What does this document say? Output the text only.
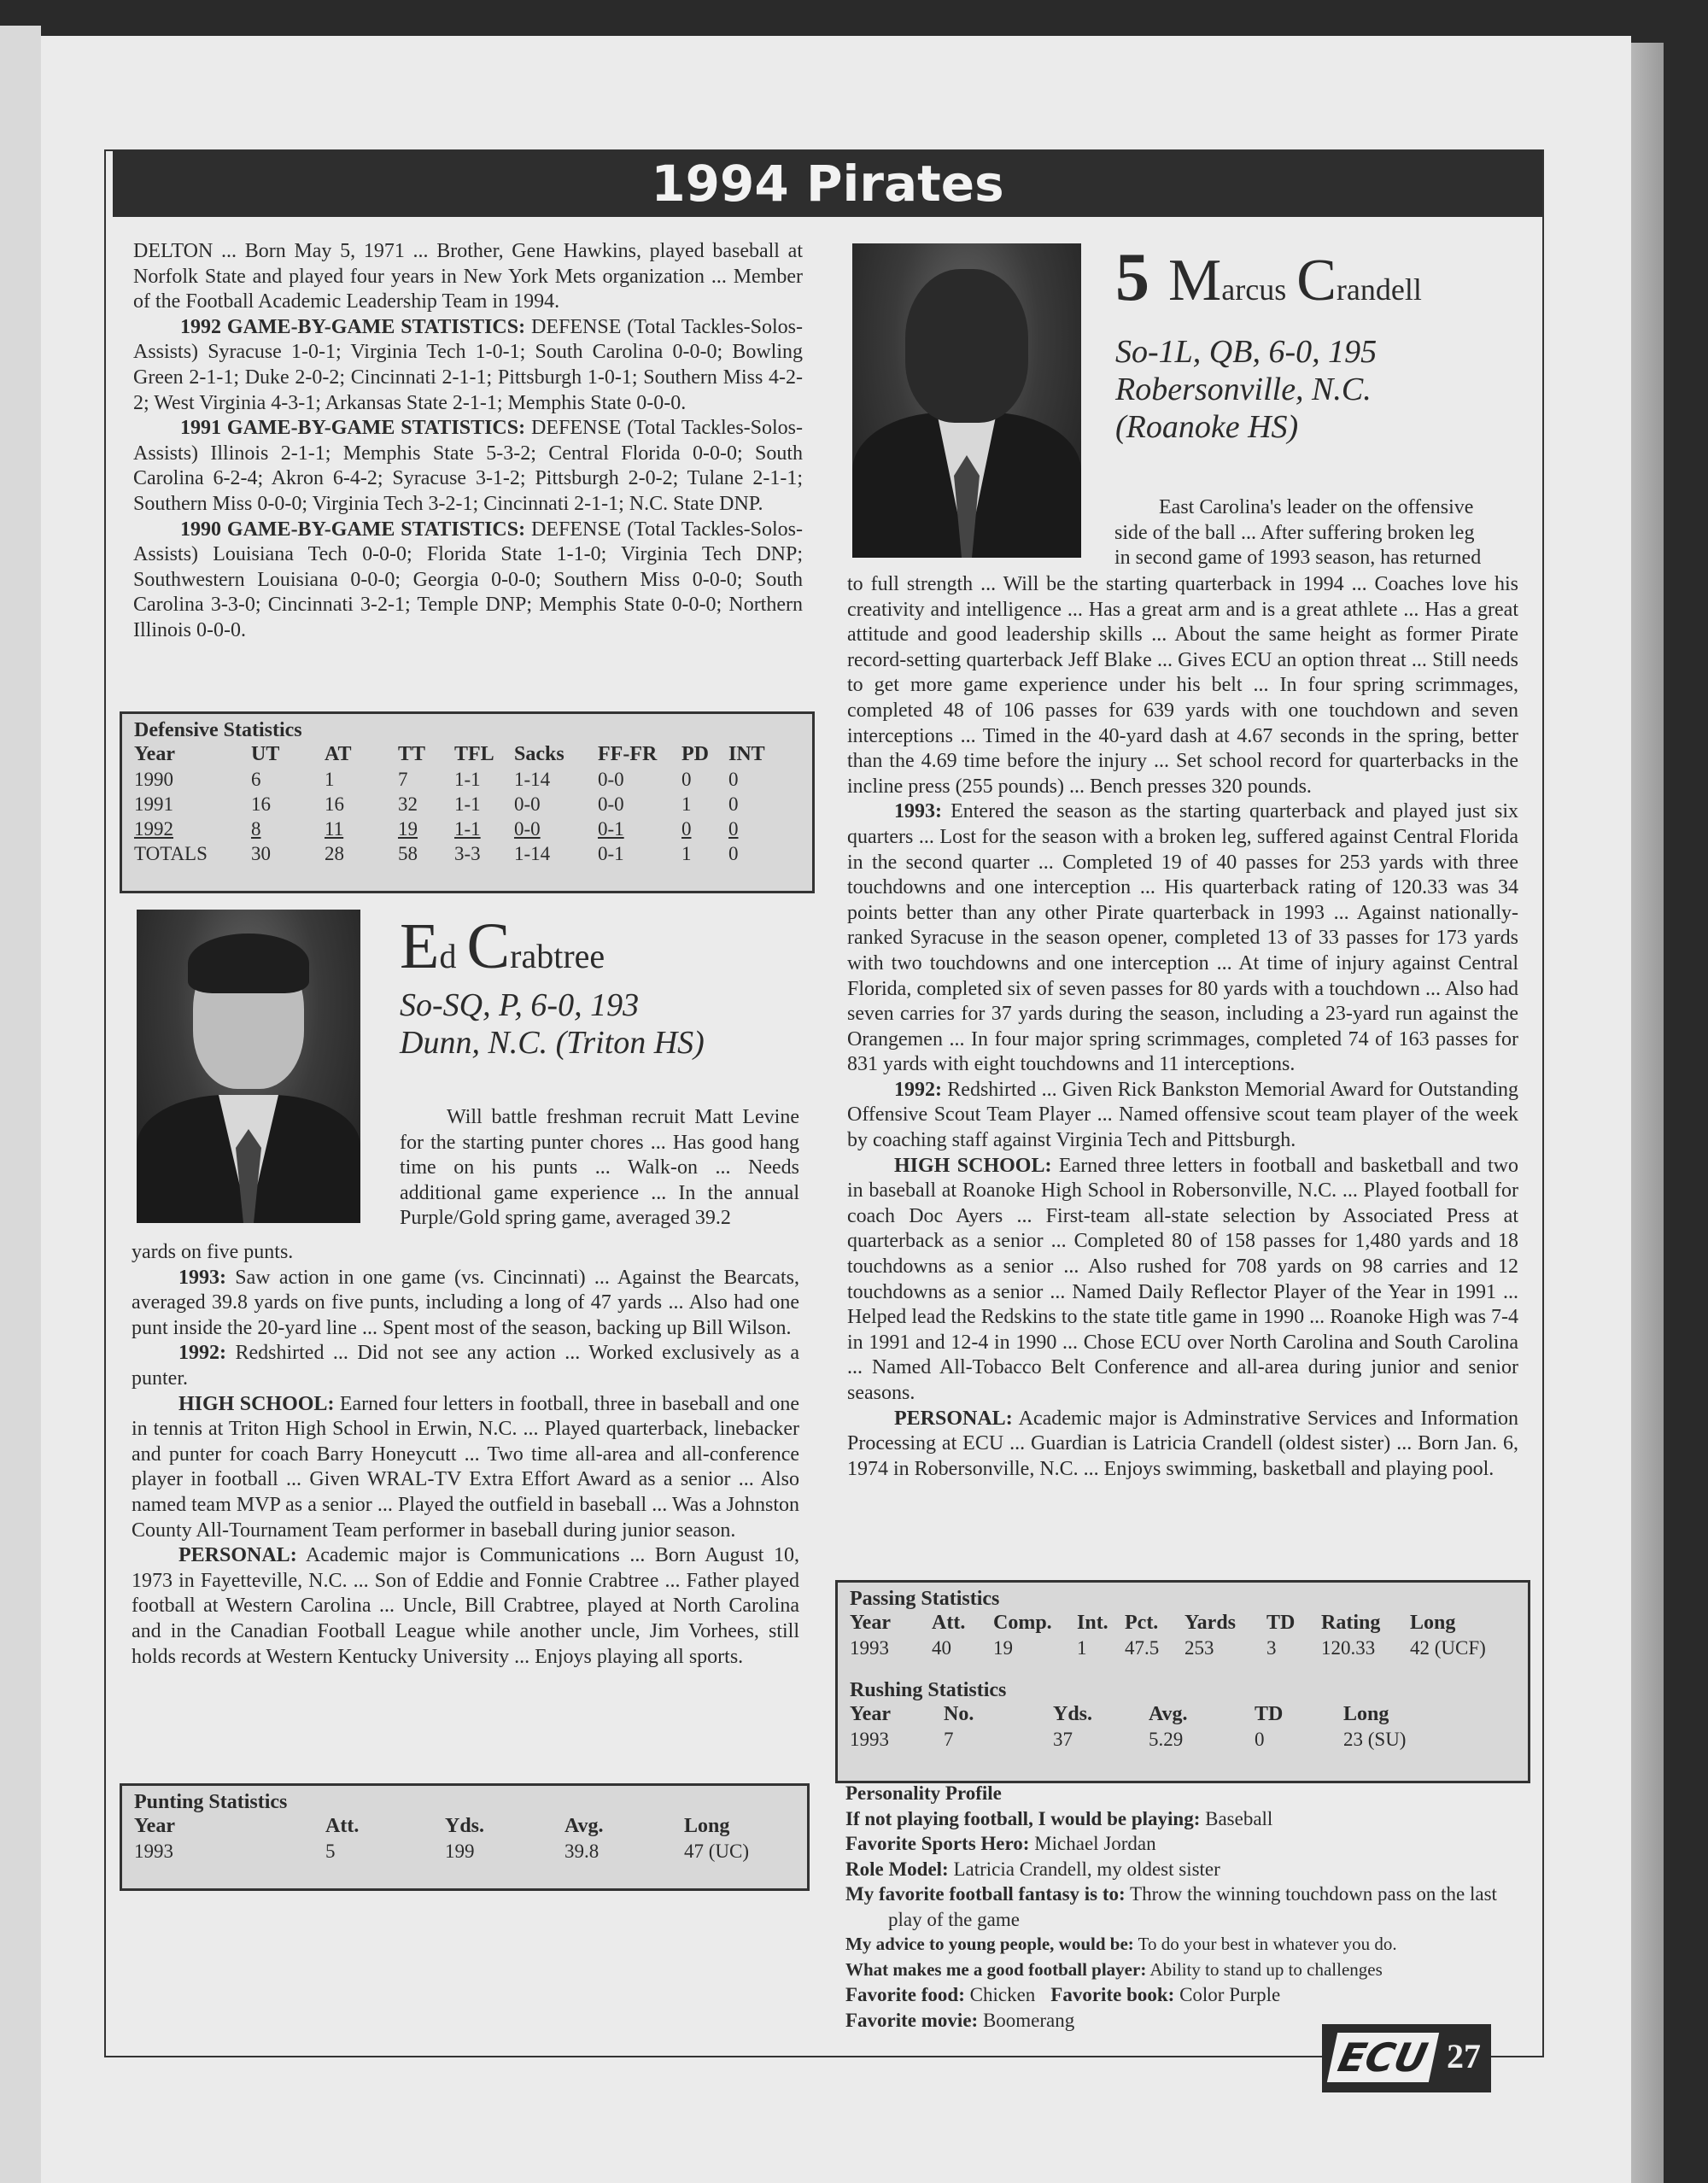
1994 Pirates

DELTON ... Born May 5, 1971 ... Brother, Gene Hawkins, played baseball at Norfolk State and played four years in New York Mets organization ... Member of the Football Academic Leadership Team in 1994.

1992 GAME-BY-GAME STATISTICS: DEFENSE (Total Tackles-Solos-Assists) Syracuse 1-0-1; Virginia Tech 1-0-1; South Carolina 0-0-0; Bowling Green 2-1-1; Duke 2-0-2; Cincinnati 2-1-1; Pittsburgh 1-0-1; Southern Miss 4-2-2; West Virginia 4-3-1; Arkansas State 2-1-1; Memphis State 0-0-0.

1991 GAME-BY-GAME STATISTICS: DEFENSE (Total Tackles-Solos-Assists) Illinois 2-1-1; Memphis State 5-3-2; Central Florida 0-0-0; South Carolina 6-2-4; Akron 6-4-2; Syracuse 3-1-2; Pittsburgh 2-0-2; Tulane 2-1-1; Southern Miss 0-0-0; Virginia Tech 3-2-1; Cincinnati 2-1-1; N.C. State DNP.

1990 GAME-BY-GAME STATISTICS: DEFENSE (Total Tackles-Solos-Assists) Louisiana Tech 0-0-0; Florida State 1-1-0; Virginia Tech DNP; Southwestern Louisiana 0-0-0; Georgia 0-0-0; Southern Miss 0-0-0; South Carolina 3-3-0; Cincinnati 3-2-1; Temple DNP; Memphis State 0-0-0; Northern Illinois 0-0-0.

Defensive Statistics
Year	UT	AT	TT	TFL	Sacks	FF-FR	PD	INT
1990	6	1	7	1-1	1-14	0-0	0	0
1991	16	16	32	1-1	0-0	0-0	1	0
1992	8	11	19	1-1	0-0	0-1	0	0
TOTALS	30	28	58	3-3	1-14	0-1	1	0
Ed Crabtree
So-SQ, P, 6-0, 193
Dunn, N.C. (Triton HS)

Will battle freshman recruit Matt Levine for the starting punter chores ... Has good hang time on his punts ... Walk-on ... Needs additional game experience ... In the annual Purple/Gold spring game, averaged 39.2

yards on five punts.

1993: Saw action in one game (vs. Cincinnati) ... Against the Bearcats, averaged 39.8 yards on five punts, including a long of 47 yards ... Also had one punt inside the 20-yard line ... Spent most of the season, backing up Bill Wilson.

1992: Redshirted ... Did not see any action ... Worked exclusively as a punter.

HIGH SCHOOL: Earned four letters in football, three in baseball and one in tennis at Triton High School in Erwin, N.C. ... Played quarterback, linebacker and punter for coach Barry Honeycutt ... Two time all-area and all-conference player in football ... Given WRAL-TV Extra Effort Award as a senior ... Also named team MVP as a senior ... Played the outfield in baseball ... Was a Johnston County All-Tournament Team performer in baseball during junior season.

PERSONAL: Academic major is Communications ... Born August 10, 1973 in Fayetteville, N.C. ... Son of Eddie and Fonnie Crabtree ... Father played football at Western Carolina ... Uncle, Bill Crabtree, played at North Carolina and in the Canadian Football League while another uncle, Jim Vorhees, still holds records at Western Kentucky University ... Enjoys playing all sports.

Punting Statistics
Year	Att.	Yds.	Avg.	Long
1993	5	199	39.8	47 (UC)
5 Marcus Crandell
So-1L, QB, 6-0, 195
Robersonville, N.C.
(Roanoke HS)

East Carolina's leader on the offensive

side of the ball ... After suffering broken leg

in second game of 1993 season, has returned

to full strength ... Will be the starting quarterback in 1994 ... Coaches love his creativity and intelligence ... Has a great arm and is a great athlete ... Has a great attitude and good leadership skills ... About the same height as former Pirate record-setting quarterback Jeff Blake ... Gives ECU an option threat ... Still needs to get more game experience under his belt ... In four spring scrimmages, completed 48 of 106 passes for 639 yards with one touchdown and seven interceptions ... Timed in the 40-yard dash at 4.67 seconds in the spring, better than the 4.69 time before the injury ... Set school record for quarterbacks in the incline press (255 pounds) ... Bench presses 320 pounds.

1993: Entered the season as the starting quarterback and played just six quarters ... Lost for the season with a broken leg, suffered against Central Florida in the second quarter ... Completed 19 of 40 passes for 253 yards with three touchdowns and one interception ... His quarterback rating of 120.33 was 34 points better than any other Pirate quarterback in 1993 ... Against nationally-ranked Syracuse in the season opener, completed 13 of 33 passes for 173 yards with two touchdowns and one interception ... At time of injury against Central Florida, completed six of seven passes for 80 yards with a touchdown ... Also had seven carries for 37 yards during the season, including a 23-yard run against the Orangemen ... In four major spring scrimmages, completed 74 of 163 passes for 831 yards with eight touchdowns and 11 interceptions.

1992: Redshirted ... Given Rick Bankston Memorial Award for Outstanding Offensive Scout Team Player ... Named offensive scout team player of the week by coaching staff against Virginia Tech and Pittsburgh.

HIGH SCHOOL: Earned three letters in football and basketball and two in baseball at Roanoke High School in Robersonville, N.C. ... Played football for coach Doc Ayers ... First-team all-state selection by Associated Press at quarterback as a senior ... Completed 80 of 158 passes for 1,480 yards and 18 touchdowns as a senior ... Also rushed for 708 yards on 98 carries and 12 touchdowns as a senior ... Named Daily Reflector Player of the Year in 1991 ... Helped lead the Redskins to the state title game in 1990 ... Roanoke High was 7-4 in 1991 and 12-4 in 1990 ... Chose ECU over North Carolina and South Carolina ... Named All-Tobacco Belt Conference and all-area during junior and senior seasons.

PERSONAL: Academic major is Adminstrative Services and Information Processing at ECU ... Guardian is Latricia Crandell (oldest sister) ... Born Jan. 6, 1974 in Robersonville, N.C. ... Enjoys swimming, basketball and playing pool.

Passing Statistics
Year	Att.	Comp.	Int.	Pct.	Yards	TD	Rating	Long
1993	40	19	1	47.5	253	3	120.33	42 (UCF)
Rushing Statistics
Year	No.	Yds.	Avg.	TD	Long
1993	7	37	5.29	0	23 (SU)
Personality Profile
If not playing football, I would be playing: Baseball
Favorite Sports Hero: Michael Jordan
Role Model: Latricia Crandell, my oldest sister
My favorite football fantasy is to: Throw the winning touchdown pass on the last play of the game
My advice to young people, would be: To do your best in whatever you do.
What makes me a good football player: Ability to stand up to challenges
Favorite food: Chicken Favorite book: Color Purple
Favorite movie: Boomerang
ECU 27
